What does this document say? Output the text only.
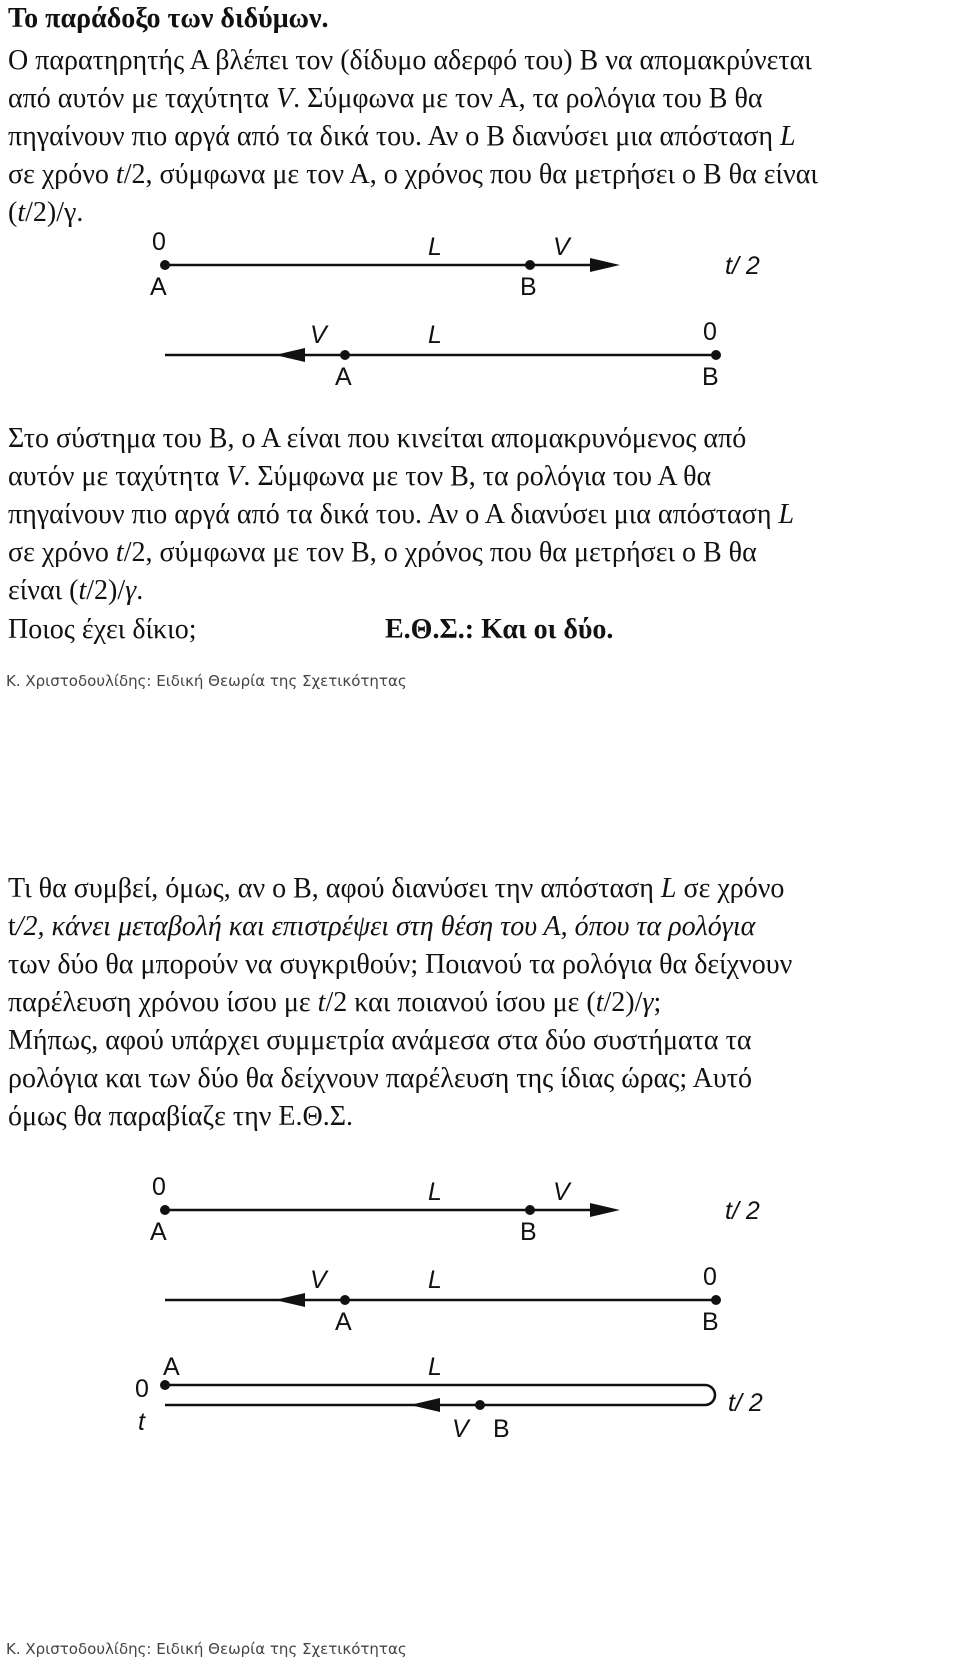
Το παράδοξο των διδύμων.
Ο παρατηρητής Α βλέπει τον (δίδυμο αδερφό του) Β να απομακρύνεται
από αυτόν με ταχύτητα V. Σύμφωνα με τον Α, τα ρολόγια του Β θα
πηγαίνουν πιο αργά από τα δικά του. Αν ο Β διανύσει μια απόσταση L
σε χρόνο t/2, σύμφωνα με τον Α, ο χρόνος που θα μετρήσει ο Β θα είναι
(t/2)/γ.
0
A
L
B
V
t/ 2
V	L	0
A	B
Στο σύστημα του Β, ο Α είναι που κινείται απομακρυνόμενος από
αυτόν με ταχύτητα V. Σύμφωνα με τον Β, τα ρολόγια του Α θα
πηγαίνουν πιο αργά από τα δικά του. Αν ο Α διανύσει μια απόσταση L
σε χρόνο t/2, σύμφωνα με τον Β, ο χρόνος που θα μετρήσει ο Β θα
είναι (t/2)/γ.
Ποιος έχει δίκιο;	Ε.Θ.Σ.: Και οι δύο.
Κ. Χριστοδουλίδης: Ειδική Θεωρία της Σχετικότητας
Τι θα συμβεί, όμως, αν ο Β, αφού διανύσει την απόσταση L σε χρόνο
t/2, κάνει μεταβολή και επιστρέψει στη θέση του Α, όπου τα ρολόγια
των δύο θα μπορούν να συγκριθούν; Ποιανού τα ρολόγια θα δείχνουν
παρέλευση χρόνου ίσου με t/2 και ποιανού ίσου με (t/2)/γ;
Μήπως, αφού υπάρχει συμμετρία ανάμεσα στα δύο συστήματα τα
ρολόγια και των δύο θα δείχνουν παρέλευση της ίδιας ώρας; Αυτό
όμως θα παραβίαζε την Ε.Θ.Σ.
0
A
L
B
V
t/ 2
V	L	0
A	B
A	L
0
t
t/ 2
V B
Κ. Χριστοδουλίδης: Ειδική Θεωρία της Σχετικότητας
